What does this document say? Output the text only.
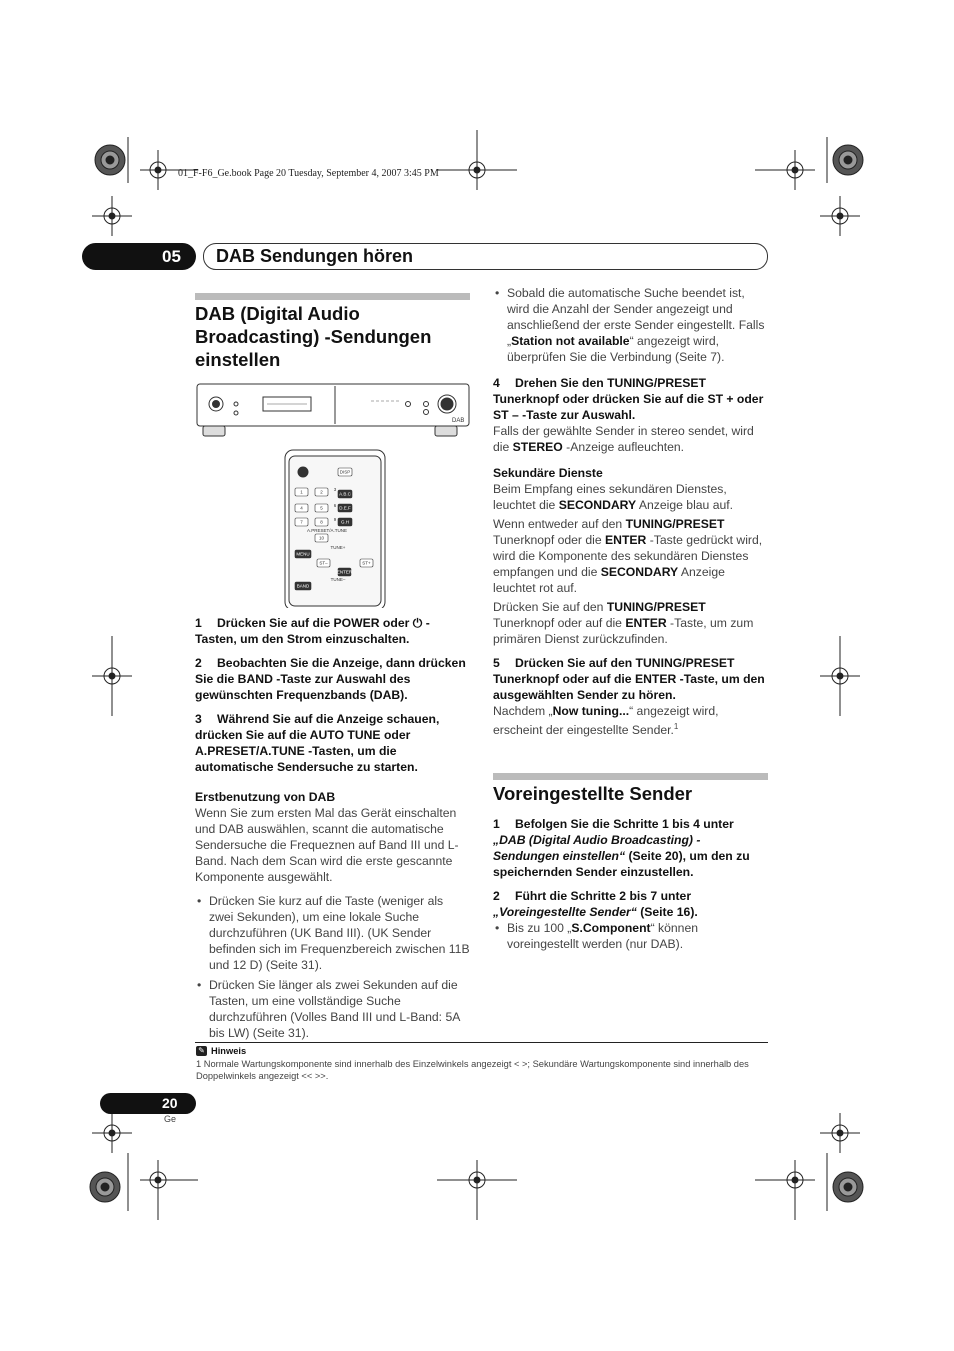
01_F-F6_Ge.book Page 20 Tuesday, September 4, 2007 3:45 PM
05 DAB Sendungen hören
DAB (Digital Audio Broadcasting) -Sendungen einstellen
DAB
A.B.C
D.E.F
G.H
1	2
3
4	5
6
7	8
9
10
A.PRESET/A.TUNE
TUNE+
ST–	ST+
ENTER
TUNE–
MENU
BAND
DISP
1 Drücken Sie auf die POWER oder ⏻ -Tasten, um den Strom einzuschalten.
2 Beobachten Sie die Anzeige, dann drücken Sie die BAND -Taste zur Auswahl des gewünschten Frequenzbands (DAB).
3 Während Sie auf die Anzeige schauen, drücken Sie auf die AUTO TUNE oder A.PRESET/A.TUNE -Tasten, um die automatische Sendersuche zu starten.
Erstbenutzung von DAB

Wenn Sie zum ersten Mal das Gerät einschalten und DAB auswählen, scannt die automatische Sendersuche die Frequeznen auf Band III und L-Band. Nach dem Scan wird die erste gescannte Komponente ausgewählt.

• Drücken Sie kurz auf die Taste (weniger als zwei Sekunden), um eine lokale Suche durchzuführen (UK Band III). (UK Sender befinden sich im Frequenzbereich zwischen 11B und 12 D) (Seite 31).
• Drücken Sie länger als zwei Sekunden auf die Tasten, um eine vollständige Suche durchzuführen (Volles Band III und L-Band: 5A bis LW) (Seite 31).
• Sobald die automatische Suche beendet ist, wird die Anzahl der Sender angezeigt und anschließend der erste Sender eingestellt. Falls „Station not available“ angezeigt wird, überprüfen Sie die Verbindung (Seite 7).
4 Drehen Sie den TUNING/PRESET Tunerknopf oder drücken Sie auf die ST + oder ST – -Taste zur Auswahl.

Falls der gewählte Sender in stereo sendet, wird die STEREO -Anzeige aufleuchten.

Sekundäre Dienste

Beim Empfang eines sekundären Dienstes, leuchtet die SECONDARY Anzeige blau auf.

Wenn entweder auf den TUNING/PRESET Tunerknopf oder die ENTER -Taste gedrückt wird, wird die Komponente des sekundären Dienstes empfangen und die SECONDARY Anzeige leuchtet rot auf.

Drücken Sie auf den TUNING/PRESET Tunerknopf oder auf die ENTER -Taste, um zum primären Dienst zurückzufinden.

5 Drücken Sie auf den TUNING/PRESET Tunerknopf oder auf die ENTER -Taste, um den ausgewählten Sender zu hören.

Nachdem „Now tuning...“ angezeigt wird, erscheint der eingestellte Sender.$^1$

Voreingestellte Sender
1 Befolgen Sie die Schritte 1 bis 4 unter „DAB (Digital Audio Broadcasting) - Sendungen einstellen“ (Seite 20), um den zu speichernden Sender einzustellen.
2 Führt die Schritte 2 bis 7 unter „Voreingestellte Sender“ (Seite 16).
• Bis zu 100 „S.Component“ können voreingestellt werden (nur DAB).
✎ Hinweis
1 Normale Wartungskomponente sind innerhalb des Einzelwinkels angezeigt < >; Sekundäre Wartungskomponente sind innerhalb des Doppelwinkels angezeigt << >>.
20
Ge
